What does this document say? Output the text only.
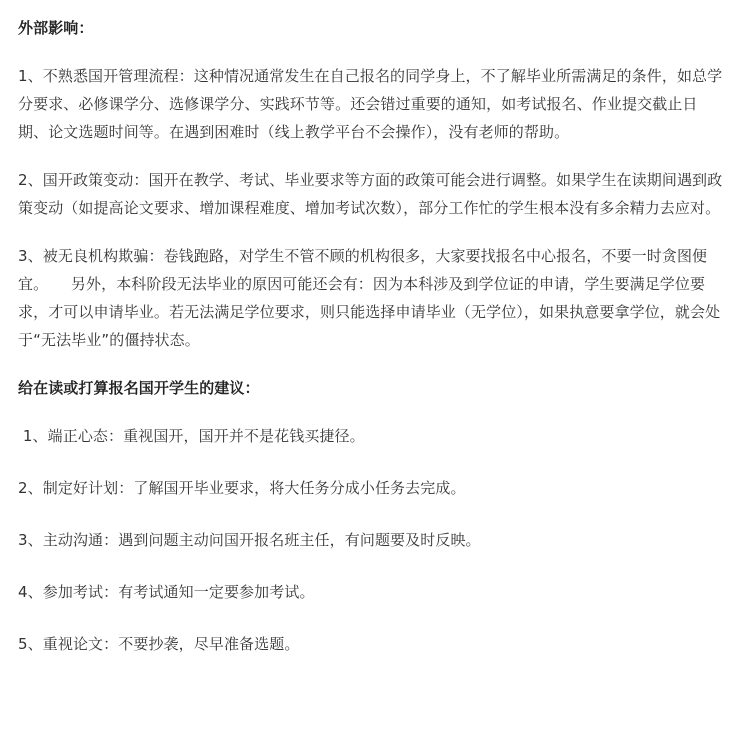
外部影响：

1、不熟悉国开管理流程：这种情况通常发生在自己报名的同学身上，不了解毕业所需满足的条件，如总学分要求、必修课学分、选修课学分、实践环节等。还会错过重要的通知，如考试报名、作业提交截止日期、论文选题时间等。在遇到困难时（线上教学平台不会操作），没有老师的帮助。

2、国开政策变动：国开在教学、考试、毕业要求等方面的政策可能会进行调整。如果学生在读期间遇到政策变动（如提高论文要求、增加课程难度、增加考试次数），部分工作忙的学生根本没有多余精力去应对。

3、被无良机构欺骗：卷钱跑路，对学生不管不顾的机构很多，大家要找报名中心报名，不要一时贪图便宜。　　另外，本科阶段无法毕业的原因可能还会有：因为本科涉及到学位证的申请，学生要满足学位要求，才可以申请毕业。若无法满足学位要求，则只能选择申请毕业（无学位），如果执意要拿学位，就会处于“无法毕业”的僵持状态。

给在读或打算报名国开学生的建议：

1、端正心态：重视国开，国开并不是花钱买捷径。

2、制定好计划：了解国开毕业要求，将大任务分成小任务去完成。

3、主动沟通：遇到问题主动问国开报名班主任，有问题要及时反映。

4、参加考试：有考试通知一定要参加考试。

5、重视论文：不要抄袭，尽早准备选题。
